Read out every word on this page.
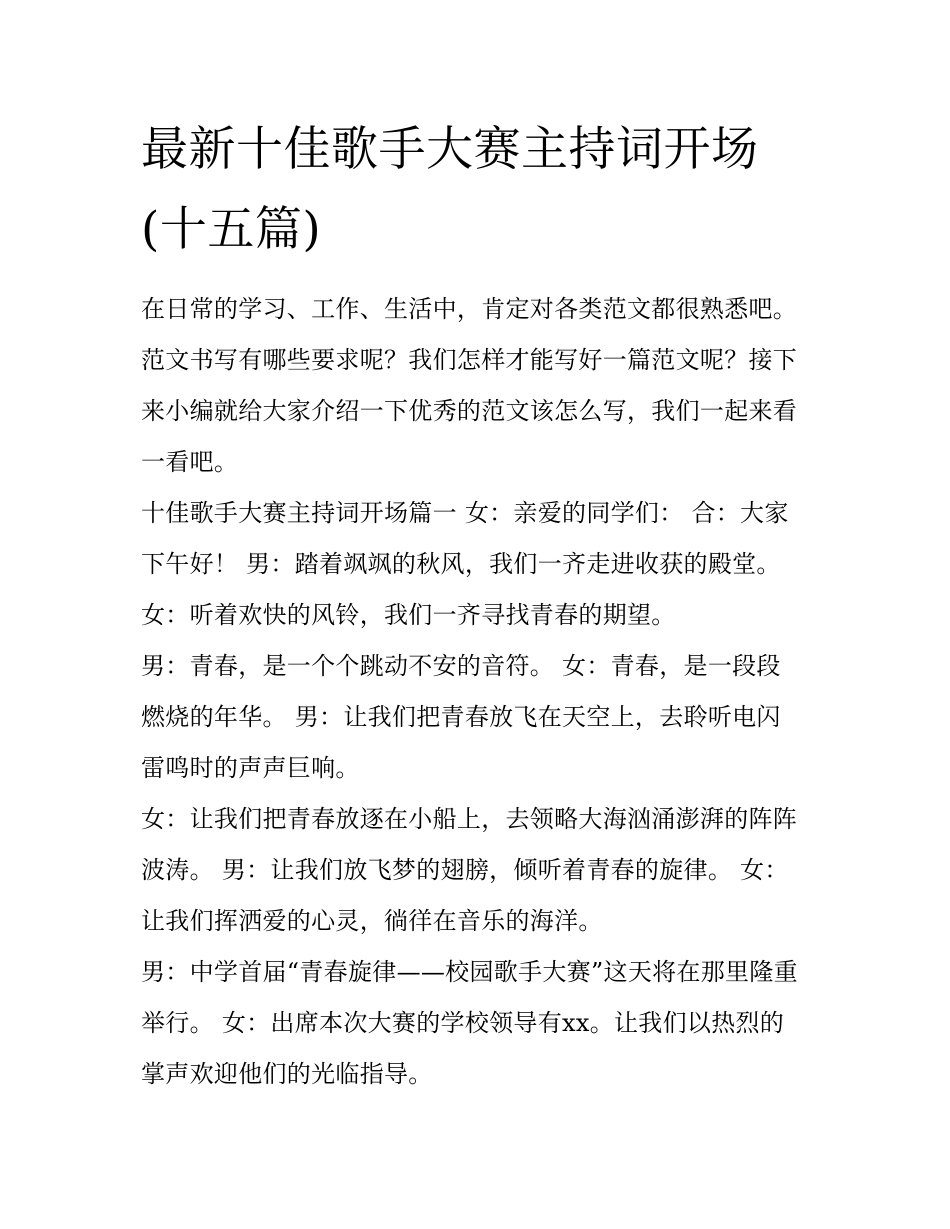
最新十佳歌手大赛主持词开场
(十五篇)

在日常的学习、工作、生活中，肯定对各类范文都很熟悉吧。
范文书写有哪些要求呢？我们怎样才能写好一篇范文呢？接下
来小编就给大家介绍一下优秀的范文该怎么写，我们一起来看
一看吧。

十佳歌手大赛主持词开场篇一 女：亲爱的同学们： 合：大家
下午好！ 男：踏着飒飒的秋风，我们一齐走进收获的殿堂。
女：听着欢快的风铃，我们一齐寻找青春的期望。

男：青春，是一个个跳动不安的音符。 女：青春，是一段段
燃烧的年华。 男：让我们把青春放飞在天空上，去聆听电闪
雷鸣时的声声巨响。

女：让我们把青春放逐在小船上，去领略大海汹涌澎湃的阵阵
波涛。 男：让我们放飞梦的翅膀，倾听着青春的旋律。 女：
让我们挥洒爱的心灵，徜徉在音乐的海洋。

男：中学首届“青春旋律——校园歌手大赛”这天将在那里隆重
举行。 女：出席本次大赛的学校领导有xx。让我们以热烈的
掌声欢迎他们的光临指导。
